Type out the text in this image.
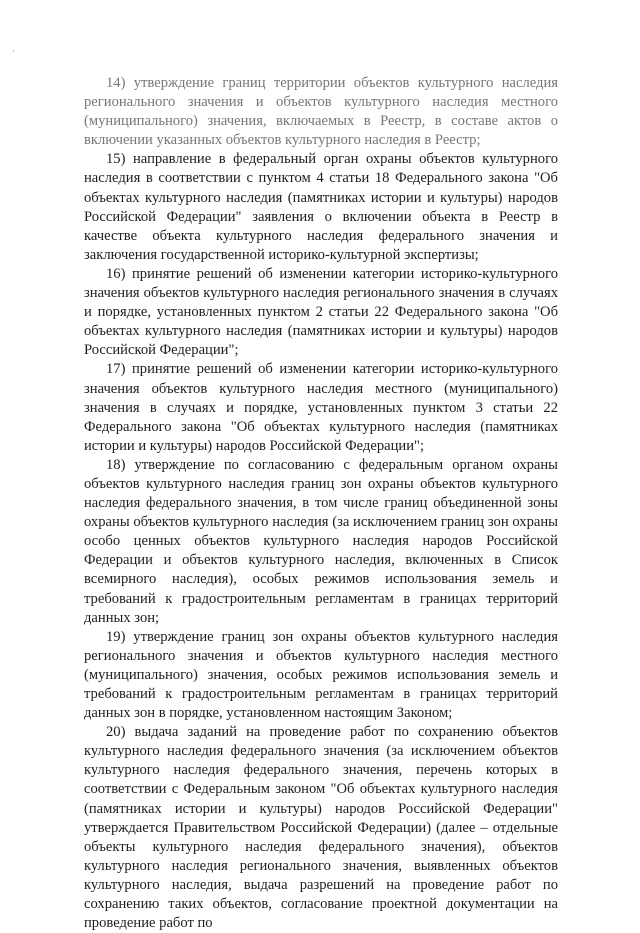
14) утверждение границ территории объектов культурного наследия регионального значения и объектов культурного наследия местного (муниципального) значения, включаемых в Реестр, в составе актов о включении указанных объектов культурного наследия в Реестр;

15) направление в федеральный орган охраны объектов культурного наследия в соответствии с пунктом 4 статьи 18 Федерального закона "Об объектах культурного наследия (памятниках истории и культуры) народов Российской Федерации" заявления о включении объекта в Реестр в качестве объекта культурного наследия федерального значения и заключения государственной историко-культурной экспертизы;

16) принятие решений об изменении категории историко-культурного значения объектов культурного наследия регионального значения в случаях и порядке, установленных пунктом 2 статьи 22 Федерального закона "Об объектах культурного наследия (памятниках истории и культуры) народов Российской Федерации";

17) принятие решений об изменении категории историко-культурного значения объектов культурного наследия местного (муниципального) значения в случаях и порядке, установленных пунктом 3 статьи 22 Федерального закона "Об объектах культурного наследия (памятниках истории и культуры) народов Российской Федерации";

18) утверждение по согласованию с федеральным органом охраны объектов культурного наследия границ зон охраны объектов культурного наследия федерального значения, в том числе границ объединенной зоны охраны объектов культурного наследия (за исключением границ зон охраны особо ценных объектов культурного наследия народов Российской Федерации и объектов культурного наследия, включенных в Список всемирного наследия), особых режимов использования земель и требований к градостроительным регламентам в границах территорий данных зон;

19) утверждение границ зон охраны объектов культурного наследия регионального значения и объектов культурного наследия местного (муниципального) значения, особых режимов использования земель и требований к градостроительным регламентам в границах территорий данных зон в порядке, установленном настоящим Законом;

20) выдача заданий на проведение работ по сохранению объектов культурного наследия федерального значения (за исключением объектов культурного наследия федерального значения, перечень которых в соответствии с Федеральным законом "Об объектах культурного наследия (памятниках истории и культуры) народов Российской Федерации" утверждается Правительством Российской Федерации) (далее – отдельные объекты культурного наследия федерального значения), объектов культурного наследия регионального значения, выявленных объектов культурного наследия, выдача разрешений на проведение работ по сохранению таких объектов, согласование проектной документации на проведение работ по
